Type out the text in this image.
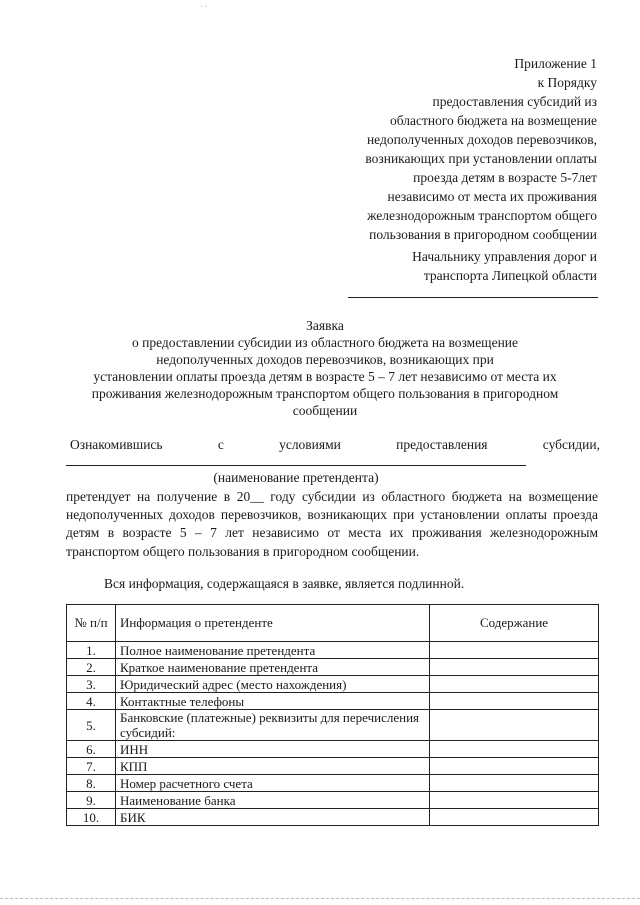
· ·
Приложение 1
к Порядку
предоставления субсидий из
областного бюджета на возмещение
недополученных доходов перевозчиков,
возникающих при установлении оплаты
проезда детям в возрасте 5-7лет
независимо от места их проживания
железнодорожным транспортом общего
пользования в пригородном сообщении
Начальнику управления дорог и
транспорта Липецкой области
Заявка
о предоставлении субсидии из областного бюджета на возмещение
недополученных доходов перевозчиков, возникающих при
установлении оплаты проезда детям в возрасте 5 – 7 лет независимо от места их
проживания железнодорожным транспортом общего пользования в пригородном
сообщении
Ознакомившись	с	условиями	предоставления	субсидии,
(наименование претендента)
претендует на получение в 20__ году субсидии из областного бюджета на возмещение недополученных доходов перевозчиков, возникающих при установлении оплаты проезда детям в возрасте 5 – 7 лет независимо от места их проживания железнодорожным транспортом общего пользования в пригородном сообщении.
Вся информация, содержащаяся в заявке, является подлинной.
№ п/п	Информация о претенденте	Содержание
1.	Полное наименование претендента	
2.	Краткое наименование претендента	
3.	Юридический адрес (место нахождения)	
4.	Контактные телефоны	
5.	Банковские (платежные) реквизиты для перечисления субсидий:	
6.	ИНН	
7.	КПП	
8.	Номер расчетного счета	
9.	Наименование банка	
10.	БИК	
